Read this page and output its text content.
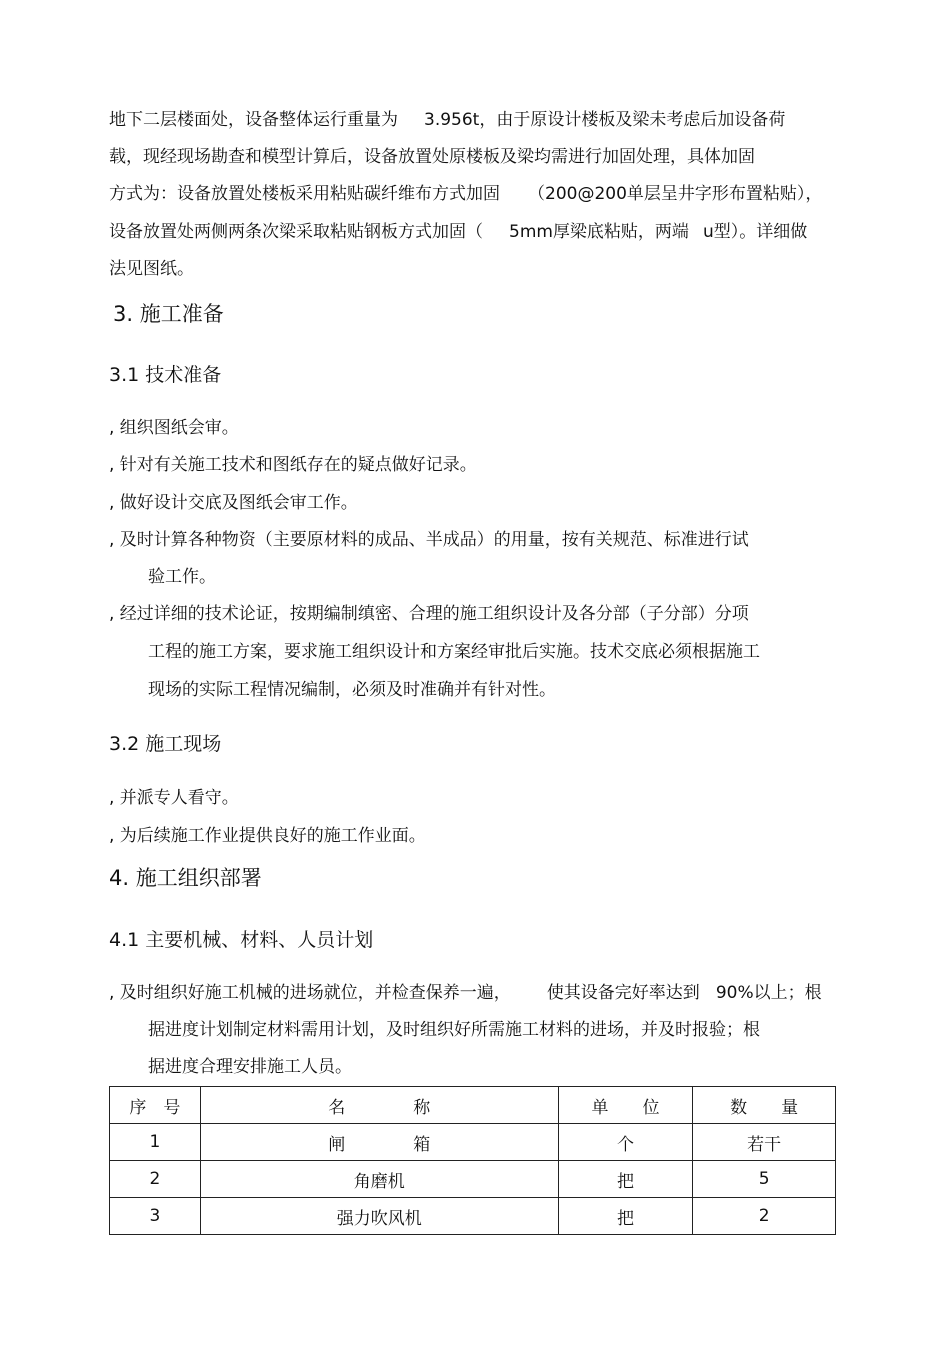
地下二层楼面处，设备整体运行重量为 3.956t，由于原设计楼板及梁未考虑后加设备荷
载，现经现场勘查和模型计算后，设备放置处原楼板及梁均需进行加固处理，具体加固
方式为：设备放置处楼板采用粘贴碳纤维布方式加固 （200@200单层呈井字形布置粘贴），
设备放置处两侧两条次梁采取粘贴钢板方式加固（ 5mm厚梁底粘贴，两端 u型）。详细做
法见图纸。
3. 施工准备
3.1 技术准备
, 组织图纸会审。
, 针对有关施工技术和图纸存在的疑点做好记录。
, 做好设计交底及图纸会审工作。
, 及时计算各种物资（主要原材料的成品、半成品）的用量，按有关规范、标准进行试
验工作。
, 经过详细的技术论证，按期编制缜密、合理的施工组织设计及各分部（子分部）分项
工程的施工方案，要求施工组织设计和方案经审批后实施。技术交底必须根据施工
现场的实际工程情况编制，必须及时准确并有针对性。
3.2 施工现场
, 并派专人看守。
, 为后续施工作业提供良好的施工作业面。
4. 施工组织部署
4.1 主要机械、材料、人员计划
, 及时组织好施工机械的进场就位，并检查保养一遍， 使其设备完好率达到 90%以上；根
据进度计划制定材料需用计划，及时组织好所需施工材料的进场，并及时报验；根
据进度合理安排施工人员。
序　号	名　　　　称	单　　位	数　　量
1	闸　　　　箱	个	若干
2	角磨机	把	5
3	强力吹风机	把	2
